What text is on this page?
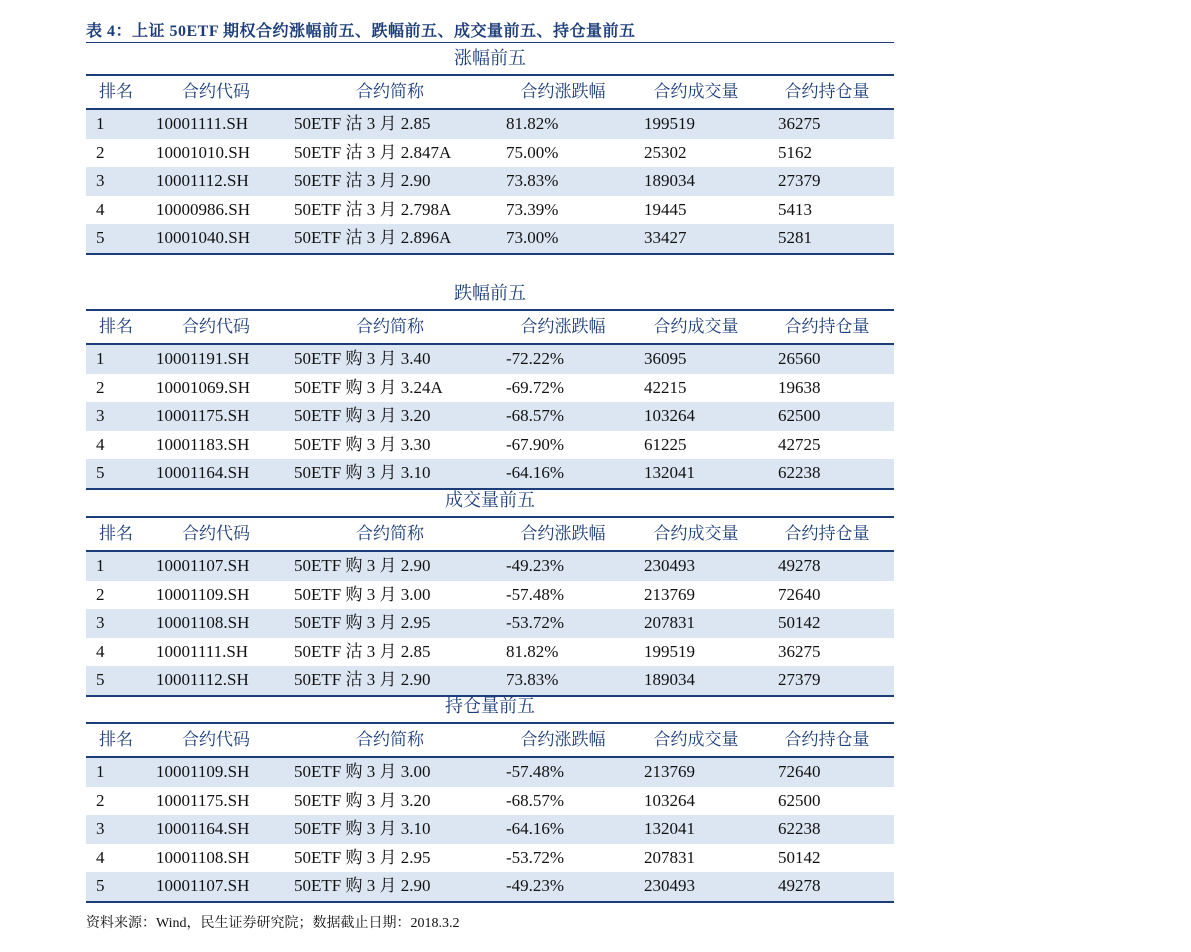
表 4：上证 50ETF 期权合约涨幅前五、跌幅前五、成交量前五、持仓量前五
涨幅前五
排名	合约代码	合约简称	合约涨跌幅	合约成交量	合约持仓量
1	10001111.SH	50ETF 沽 3 月 2.85	81.82%	199519	36275
2	10001010.SH	50ETF 沽 3 月 2.847A	75.00%	25302	5162
3	10001112.SH	50ETF 沽 3 月 2.90	73.83%	189034	27379
4	10000986.SH	50ETF 沽 3 月 2.798A	73.39%	19445	5413
5	10001040.SH	50ETF 沽 3 月 2.896A	73.00%	33427	5281
跌幅前五
排名	合约代码	合约简称	合约涨跌幅	合约成交量	合约持仓量
1	10001191.SH	50ETF 购 3 月 3.40	-72.22%	36095	26560
2	10001069.SH	50ETF 购 3 月 3.24A	-69.72%	42215	19638
3	10001175.SH	50ETF 购 3 月 3.20	-68.57%	103264	62500
4	10001183.SH	50ETF 购 3 月 3.30	-67.90%	61225	42725
5	10001164.SH	50ETF 购 3 月 3.10	-64.16%	132041	62238
成交量前五
排名	合约代码	合约简称	合约涨跌幅	合约成交量	合约持仓量
1	10001107.SH	50ETF 购 3 月 2.90	-49.23%	230493	49278
2	10001109.SH	50ETF 购 3 月 3.00	-57.48%	213769	72640
3	10001108.SH	50ETF 购 3 月 2.95	-53.72%	207831	50142
4	10001111.SH	50ETF 沽 3 月 2.85	81.82%	199519	36275
5	10001112.SH	50ETF 沽 3 月 2.90	73.83%	189034	27379
持仓量前五
排名	合约代码	合约简称	合约涨跌幅	合约成交量	合约持仓量
1	10001109.SH	50ETF 购 3 月 3.00	-57.48%	213769	72640
2	10001175.SH	50ETF 购 3 月 3.20	-68.57%	103264	62500
3	10001164.SH	50ETF 购 3 月 3.10	-64.16%	132041	62238
4	10001108.SH	50ETF 购 3 月 2.95	-53.72%	207831	50142
5	10001107.SH	50ETF 购 3 月 2.90	-49.23%	230493	49278
资料来源：Wind，民生证券研究院；数据截止日期：2018.3.2
